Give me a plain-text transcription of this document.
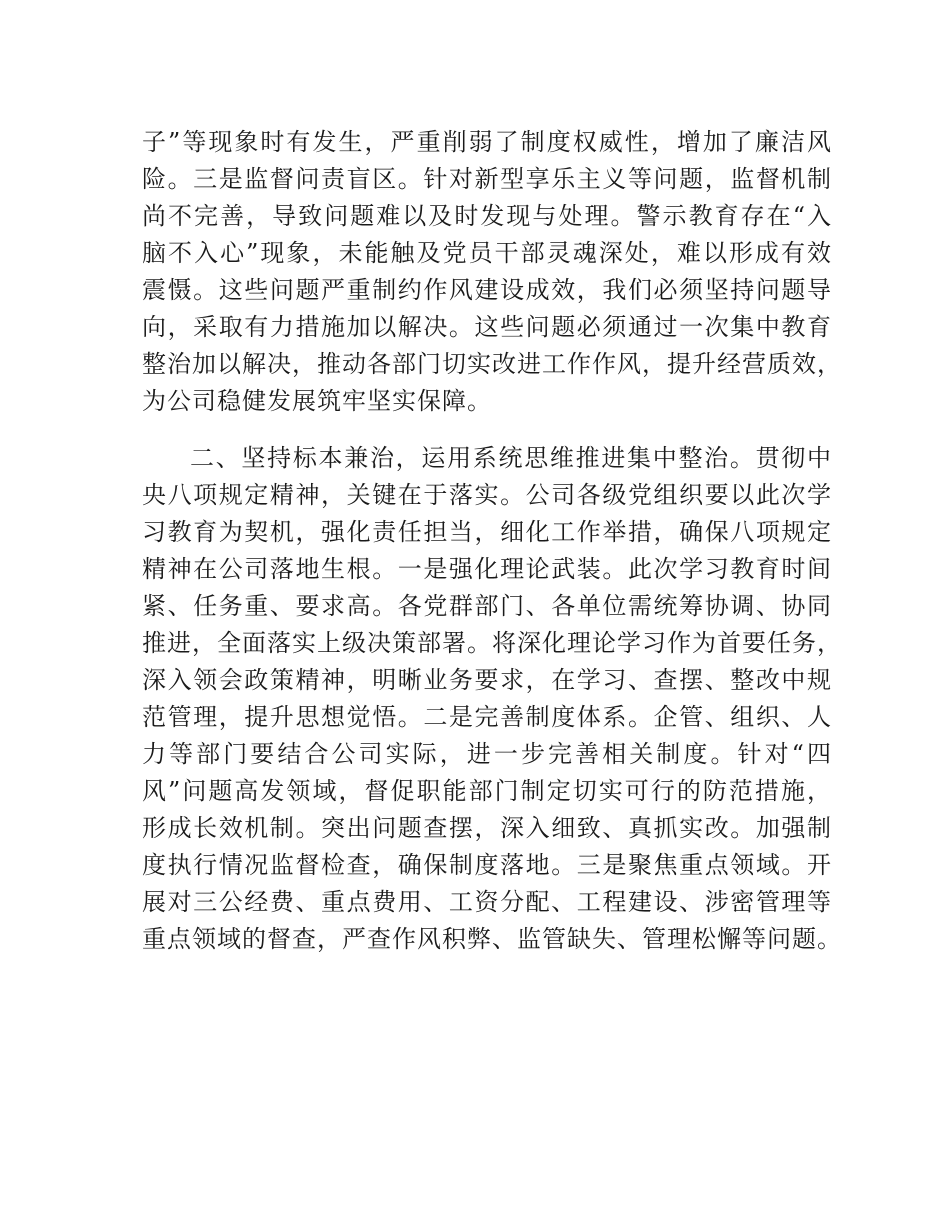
子”等现象时有发生，严重削弱了制度权威性，增加了廉洁风
险。三是监督问责盲区。针对新型享乐主义等问题，监督机制
尚不完善，导致问题难以及时发现与处理。警示教育存在“入
脑不入心”现象，未能触及党员干部灵魂深处，难以形成有效
震慑。这些问题严重制约作风建设成效，我们必须坚持问题导
向，采取有力措施加以解决。这些问题必须通过一次集中教育
整治加以解决，推动各部门切实改进工作作风，提升经营质效，
为公司稳健发展筑牢坚实保障。
二、坚持标本兼治，运用系统思维推进集中整治。贯彻中
央八项规定精神，关键在于落实。公司各级党组织要以此次学
习教育为契机，强化责任担当，细化工作举措，确保八项规定
精神在公司落地生根。一是强化理论武装。此次学习教育时间
紧、任务重、要求高。各党群部门、各单位需统筹协调、协同
推进，全面落实上级决策部署。将深化理论学习作为首要任务，
深入领会政策精神，明晰业务要求，在学习、查摆、整改中规
范管理，提升思想觉悟。二是完善制度体系。企管、组织、人
力等部门要结合公司实际，进一步完善相关制度。针对“四
风”问题高发领域，督促职能部门制定切实可行的防范措施，
形成长效机制。突出问题查摆，深入细致、真抓实改。加强制
度执行情况监督检查，确保制度落地。三是聚焦重点领域。开
展对三公经费、重点费用、工资分配、工程建设、涉密管理等
重点领域的督查，严查作风积弊、监管缺失、管理松懈等问题。
